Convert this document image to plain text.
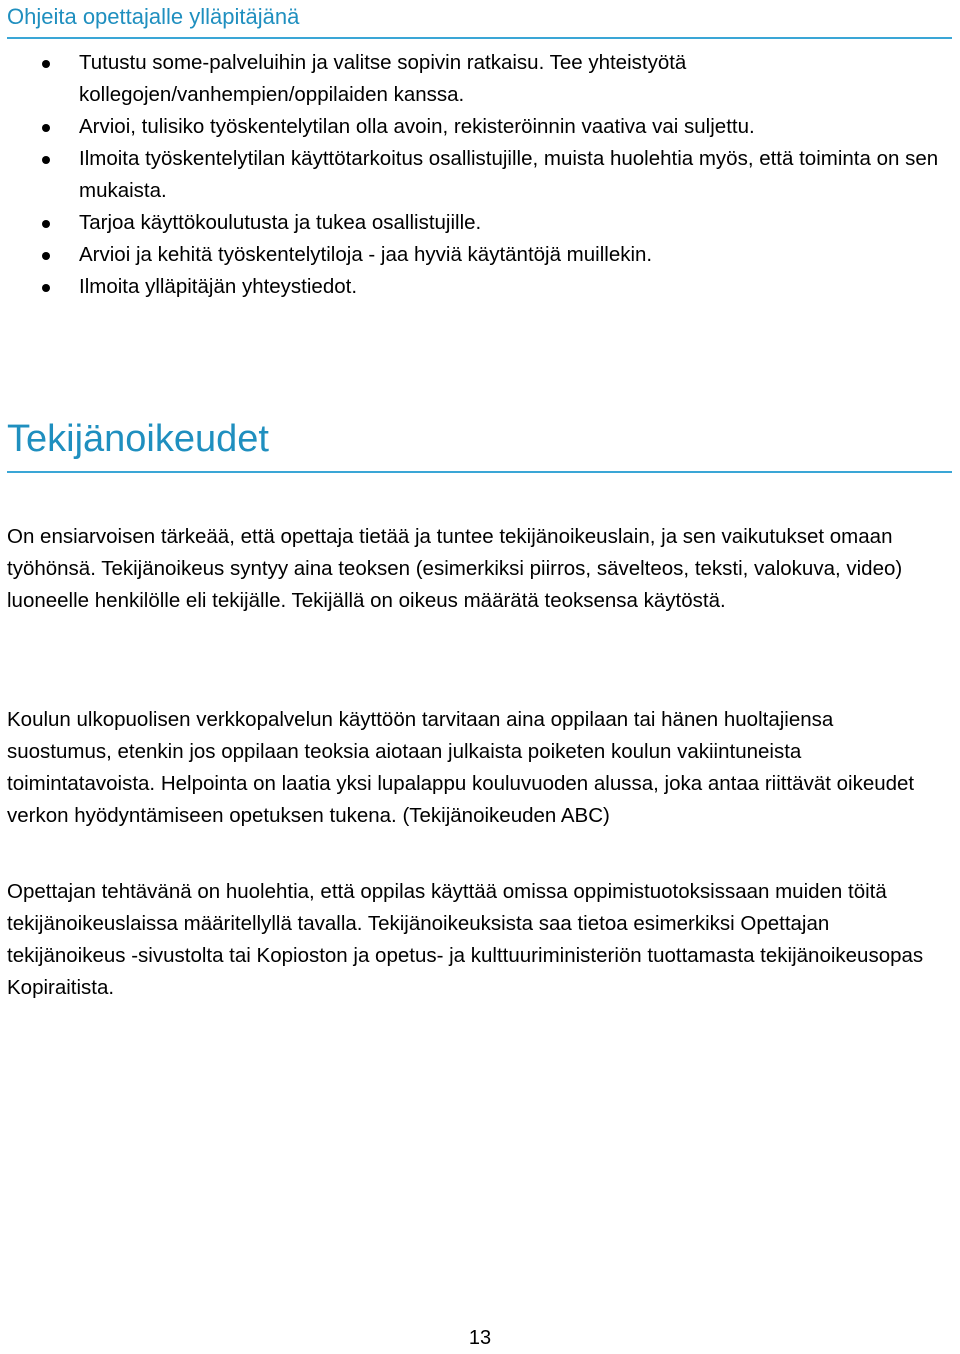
Ohjeita opettajalle ylläpitäjänä
Tutustu some-palveluihin ja valitse sopivin ratkaisu. Tee yhteistyötä kollegojen/vanhempien/oppilaiden kanssa.
Arvioi, tulisiko työskentelytilan olla avoin, rekisteröinnin vaativa vai suljettu.
Ilmoita työskentelytilan käyttötarkoitus osallistujille, muista huolehtia myös, että toiminta on sen mukaista.
Tarjoa käyttökoulutusta ja tukea osallistujille.
Arvioi ja kehitä työskentelytiloja - jaa hyviä käytäntöjä muillekin.
Ilmoita ylläpitäjän yhteystiedot.
Tekijänoikeudet

On ensiarvoisen tärkeää, että opettaja tietää ja tuntee tekijänoikeuslain, ja sen vaikutukset omaan työhönsä. Tekijänoikeus syntyy aina teoksen (esimerkiksi piirros, sävelteos, teksti, valokuva, video) luoneelle henkilölle eli tekijälle. Tekijällä on oikeus määrätä teoksensa käytöstä.

Koulun ulkopuolisen verkkopalvelun käyttöön tarvitaan aina oppilaan tai hänen huoltajiensa suostumus, etenkin jos oppilaan teoksia aiotaan julkaista poiketen koulun vakiintuneista toimintatavoista. Helpointa on laatia yksi lupalappu kouluvuoden alussa, joka antaa riittävät oikeudet verkon hyödyntämiseen opetuksen tukena. (Tekijänoikeuden ABC)

Opettajan tehtävänä on huolehtia, että oppilas käyttää omissa oppimistuotoksissaan muiden töitä tekijänoikeuslaissa määritellyllä tavalla. Tekijänoikeuksista saa tietoa esimerkiksi Opettajan tekijänoikeus -sivustolta tai Kopioston ja opetus- ja kulttuuriministeriön tuottamasta tekijänoikeusopas Kopiraitista.

13
